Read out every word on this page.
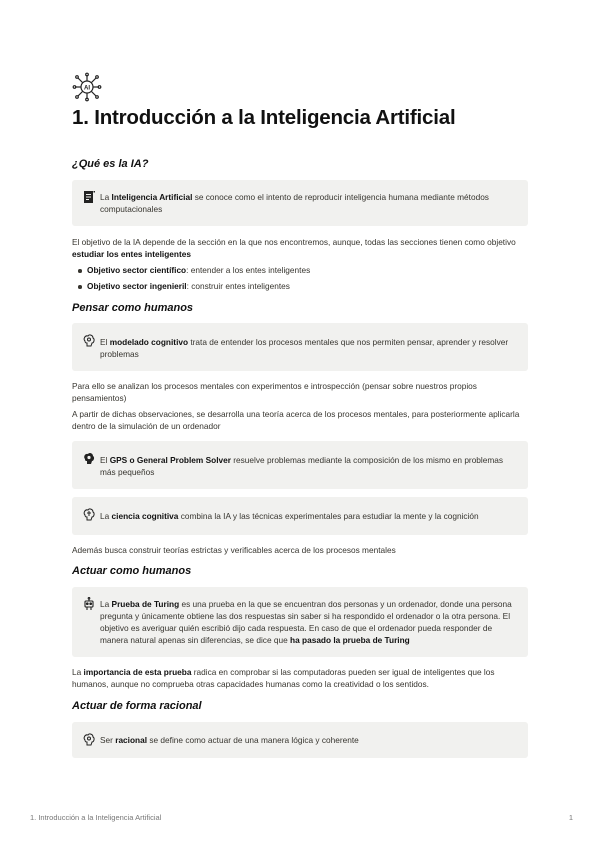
AI
1. Introducción a la Inteligencia Artificial
¿Qué es la IA?
La Inteligencia Artificial se conoce como el intento de reproducir inteligencia humana mediante métodos computacionales

El objetivo de la IA depende de la sección en la que nos encontremos, aunque, todas las secciones tienen como objetivo estudiar los entes inteligentes

Objetivo sector científico: entender a los entes inteligentes
Objetivo sector ingenieril: construir entes inteligentes
Pensar como humanos
El modelado cognitivo trata de entender los procesos mentales que nos permiten pensar, aprender y resolver problemas

Para ello se analizan los procesos mentales con experimentos e introspección (pensar sobre nuestros propios pensamientos)

A partir de dichas observaciones, se desarrolla una teoría acerca de los procesos mentales, para posteriormente aplicarla dentro de la simulación de un ordenador

El GPS o General Problem Solver resuelve problemas mediante la composición de los mismo en problemas más pequeños
La ciencia cognitiva combina la IA y las técnicas experimentales para estudiar la mente y la cognición

Además busca construir teorías estrictas y verificables acerca de los procesos mentales

Actuar como humanos
La Prueba de Turing es una prueba en la que se encuentran dos personas y un ordenador, donde una persona pregunta y únicamente obtiene las dos respuestas sin saber si ha respondido el ordenador o la otra persona. El objetivo es averiguar quién escribió dijo cada respuesta. En caso de que el ordenador pueda responder de manera natural apenas sin diferencias, se dice que ha pasado la prueba de Turing

La importancia de esta prueba radica en comprobar si las computadoras pueden ser igual de inteligentes que los humanos, aunque no comprueba otras capacidades humanas como la creatividad o los sentidos.

Actuar de forma racional
Ser racional se define como actuar de una manera lógica y coherente
1. Introducción a la Inteligencia Artificial	1
